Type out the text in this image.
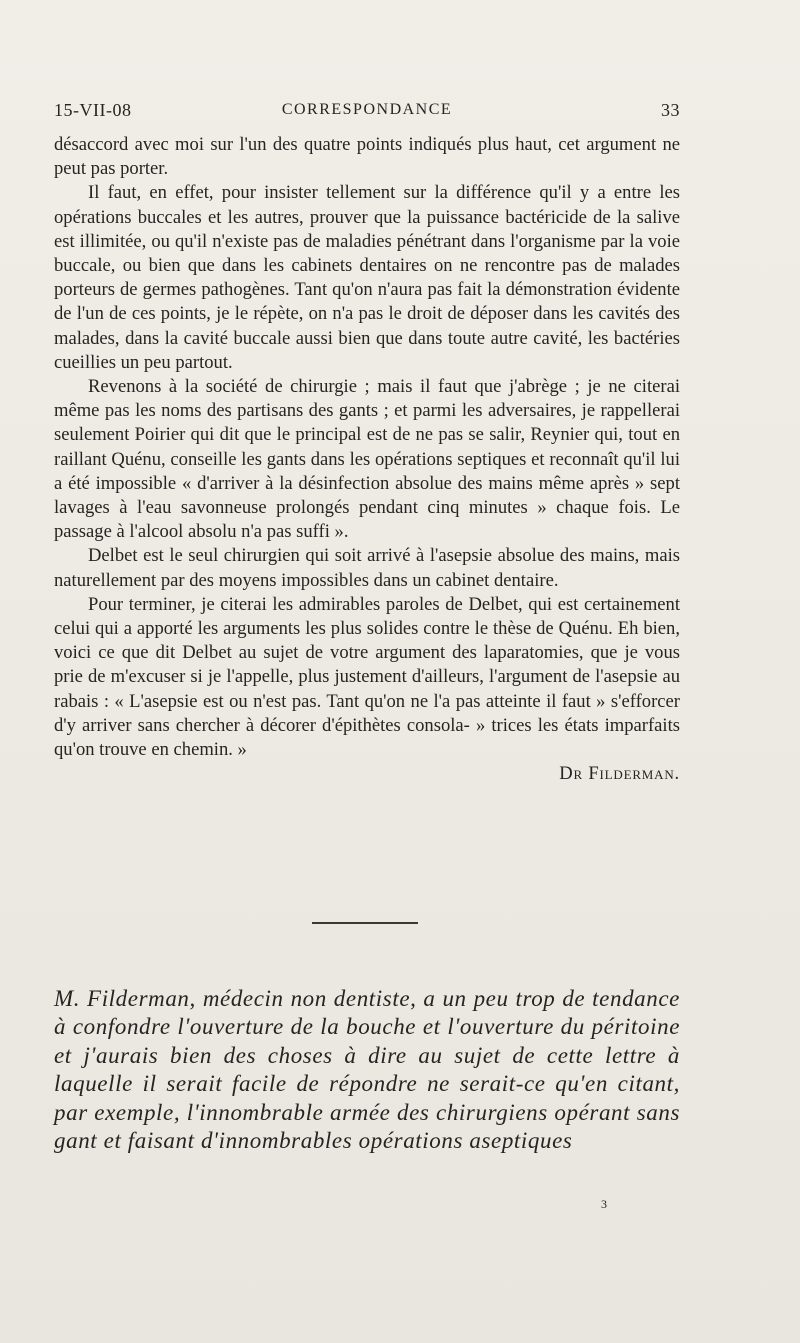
15-VII-08	CORRESPONDANCE	33

désaccord avec moi sur l'un des quatre points indiqués plus haut, cet argument ne peut pas porter.

Il faut, en effet, pour insister tellement sur la différence qu'il y a entre les opérations buccales et les autres, prouver que la puissance bactéricide de la salive est illimitée, ou qu'il n'existe pas de maladies pénétrant dans l'organisme par la voie buccale, ou bien que dans les cabinets dentaires on ne rencontre pas de malades porteurs de germes pathogènes. Tant qu'on n'aura pas fait la démonstration évidente de l'un de ces points, je le répète, on n'a pas le droit de déposer dans les cavités des malades, dans la cavité buccale aussi bien que dans toute autre cavité, les bactéries cueillies un peu partout.

Revenons à la société de chirurgie ; mais il faut que j'abrège ; je ne citerai même pas les noms des partisans des gants ; et parmi les adversaires, je rappellerai seulement Poirier qui dit que le principal est de ne pas se salir, Reynier qui, tout en raillant Quénu, conseille les gants dans les opérations septiques et reconnaît qu'il lui a été impossible « d'arriver à la désinfection absolue des mains même après » sept lavages à l'eau savonneuse prolongés pendant cinq minutes » chaque fois. Le passage à l'alcool absolu n'a pas suffi ».

Delbet est le seul chirurgien qui soit arrivé à l'asepsie absolue des mains, mais naturellement par des moyens impossibles dans un cabinet dentaire.

Pour terminer, je citerai les admirables paroles de Delbet, qui est certainement celui qui a apporté les arguments les plus solides contre le thèse de Quénu. Eh bien, voici ce que dit Delbet au sujet de votre argument des laparatomies, que je vous prie de m'excuser si je l'appelle, plus justement d'ailleurs, l'argument de l'asepsie au rabais : « L'asepsie est ou n'est pas. Tant qu'on ne l'a pas atteinte il faut » s'efforcer d'y arriver sans chercher à décorer d'épithètes consola- » trices les états imparfaits qu'on trouve en chemin. »

Dr Filderman.

M. Filderman, médecin non dentiste, a un peu trop de tendance à confondre l'ouverture de la bouche et l'ouverture du péritoine et j'aurais bien des choses à dire au sujet de cette lettre à laquelle il serait facile de répondre ne serait-ce qu'en citant, par exemple, l'innombrable armée des chirurgiens opérant sans gant et faisant d'innombrables opérations aseptiques
3
